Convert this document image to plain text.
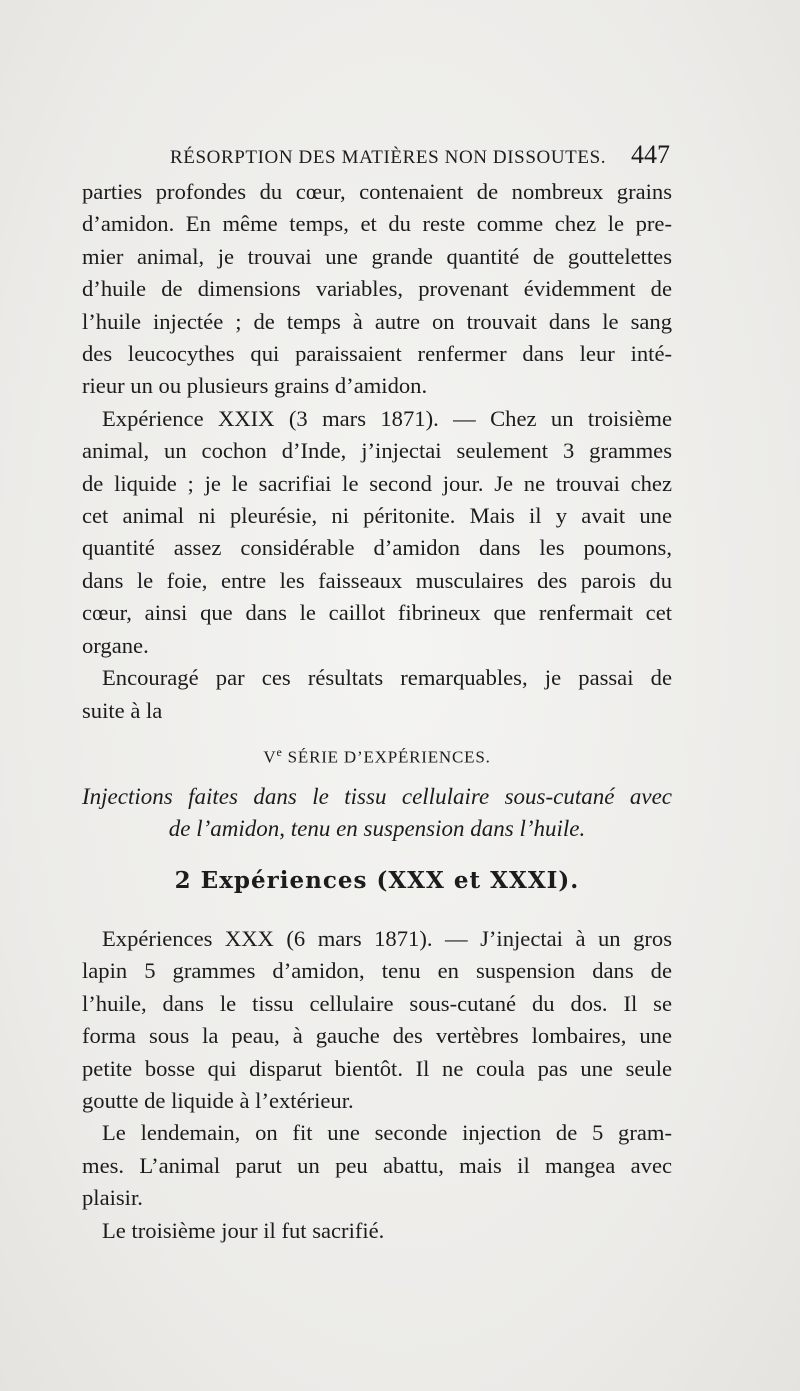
RÉSORPTION DES MATIÈRES NON DISSOUTES. 447

parties profondes du cœur, contenaient de nombreux grains
d’amidon. En même temps, et du reste comme chez le pre-
mier animal, je trouvai une grande quantité de gouttelettes
d’huile de dimensions variables, provenant évidemment de
l’huile injectée ; de temps à autre on trouvait dans le sang
des leucocythes qui paraissaient renfermer dans leur inté-
rieur un ou plusieurs grains d’amidon.

Expérience XXIX (3 mars 1871). — Chez un troisième
animal, un cochon d’Inde, j’injectai seulement 3 grammes
de liquide ; je le sacrifiai le second jour. Je ne trouvai chez
cet animal ni pleurésie, ni péritonite. Mais il y avait une
quantité assez considérable d’amidon dans les poumons,
dans le foie, entre les faisseaux musculaires des parois du
cœur, ainsi que dans le caillot fibrineux que renfermait cet
organe.

Encouragé par ces résultats remarquables, je passai de
suite à la

Ve SÉRIE D’EXPÉRIENCES.
Injections faites dans le tissu cellulaire sous-cutané avec
de l’amidon, tenu en suspension dans l’huile.
2 Expériences (XXX et XXXI).

Expériences XXX (6 mars 1871). — J’injectai à un gros
lapin 5 grammes d’amidon, tenu en suspension dans de
l’huile, dans le tissu cellulaire sous-cutané du dos. Il se
forma sous la peau, à gauche des vertèbres lombaires, une
petite bosse qui disparut bientôt. Il ne coula pas une seule
goutte de liquide à l’extérieur.

Le lendemain, on fit une seconde injection de 5 gram-
mes. L’animal parut un peu abattu, mais il mangea avec
plaisir.

Le troisième jour il fut sacrifié.
